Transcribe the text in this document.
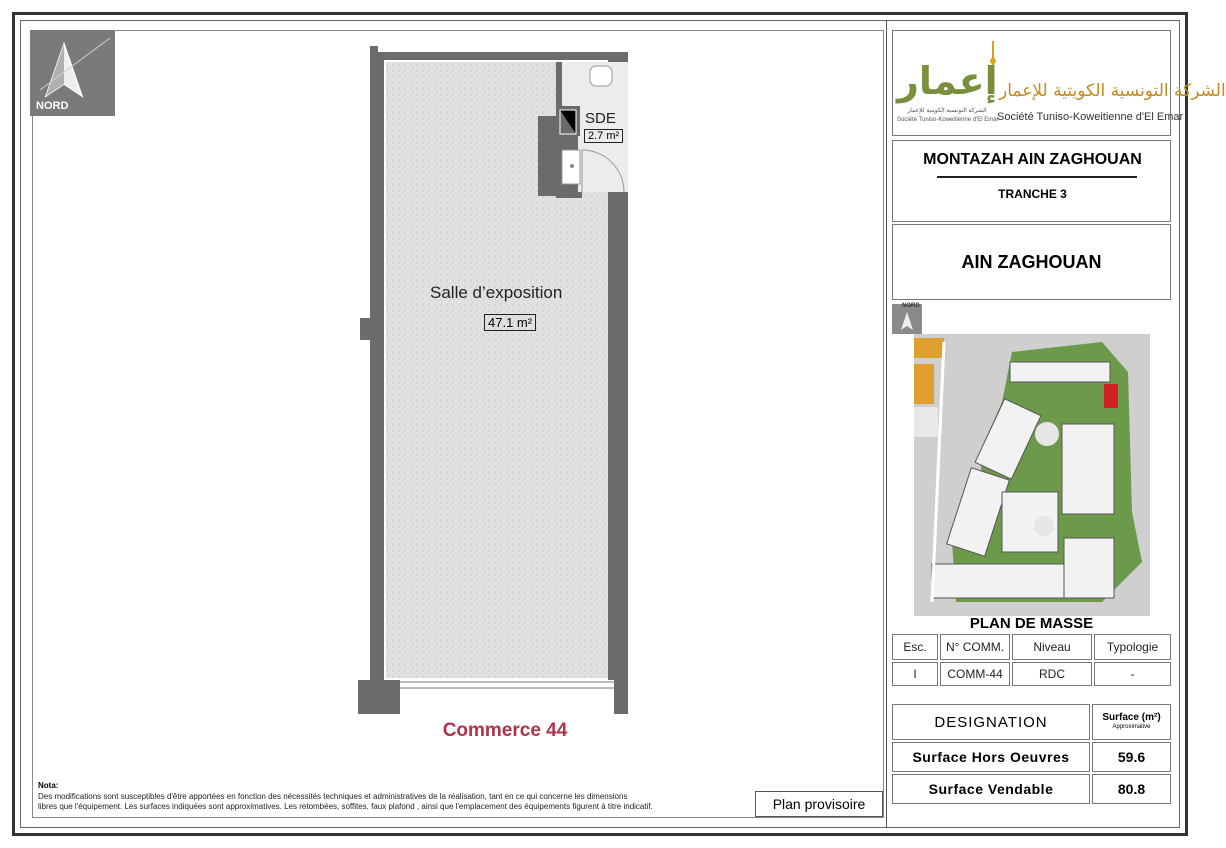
NORD
Salle d’exposition
47.1 m²
SDE
2.7 m²
Commerce 44
Nota:
Des modifications sont susceptibles d'être apportées en fonction des nécessités techniques et administratives de la réalisation, tant en ce qui concerne les dimensions
libres que l'équipement. Les surfaces indiquées sont approximatives. Les retombées, soffites, faux plafond , ainsi que l'emplacement des équipements figurent à titre indicatif.	Plan provisoire
إعمار الشركة التونسية الكويتية للإعمار
الشركة التونسية الكويتية للإعمار
Société Tuniso-Koweitienne d'El Emar
Société Tuniso-Koweitienne d'El Emar
MONTAZAH AIN ZAGHOUAN
TRANCHE 3
AIN ZAGHOUAN
NORD
PLAN DE MASSE
Esc.	N° COMM.	Niveau	Typologie
I	COMM-44	RDC	-
DESIGNATION	Surface (m²)
Approximative
Surface Hors Oeuvres	59.6
Surface Vendable	80.8
